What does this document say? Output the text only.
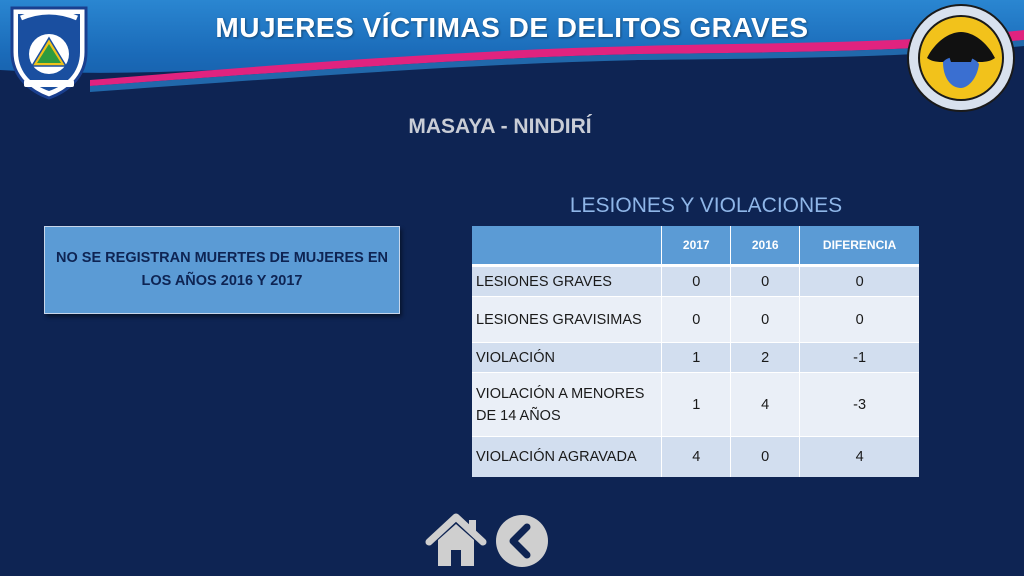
MUJERES VÍCTIMAS DE DELITOS GRAVES
MASAYA - NINDIRÍ
NO SE REGISTRAN MUERTES DE MUJERES EN LOS AÑOS 2016 Y 2017
LESIONES Y VIOLACIONES
	2017	2016	DIFERENCIA
LESIONES GRAVES	0	0	0
LESIONES GRAVISIMAS	0	0	0
VIOLACIÓN	1	2	-1
VIOLACIÓN A MENORES DE 14 AÑOS	1	4	-3
VIOLACIÓN AGRAVADA	4	0	4
